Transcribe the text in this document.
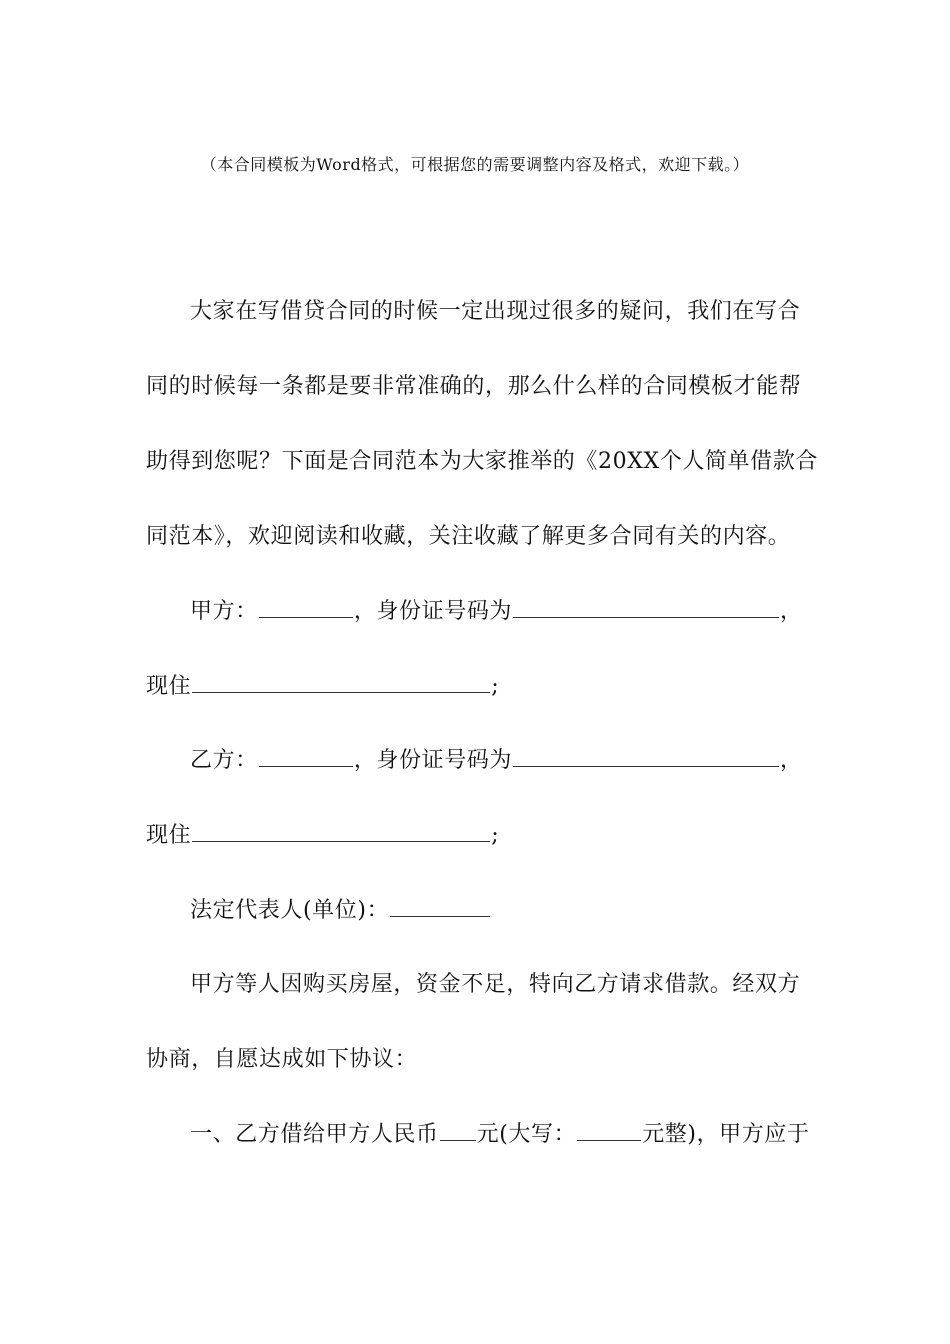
（本合同模板为Word格式，可根据您的需要调整内容及格式，欢迎下载。）
大家在写借贷合同的时候一定出现过很多的疑问，我们在写合
同的时候每一条都是要非常准确的，那么什么样的合同模板才能帮
助得到您呢？下面是合同范本为大家推举的《20XX个人简单借款合
同范本》，欢迎阅读和收藏，关注收藏了解更多合同有关的内容。
甲方：	，身份证号码为	，
现住	;
乙方：	，身份证号码为	，
现住	;
法定代表人(单位)：
甲方等人因购买房屋，资金不足，特向乙方请求借款。经双方
协商，自愿达成如下协议：
一、乙方借给甲方人民币 元(大写：	元整)，甲方应于
